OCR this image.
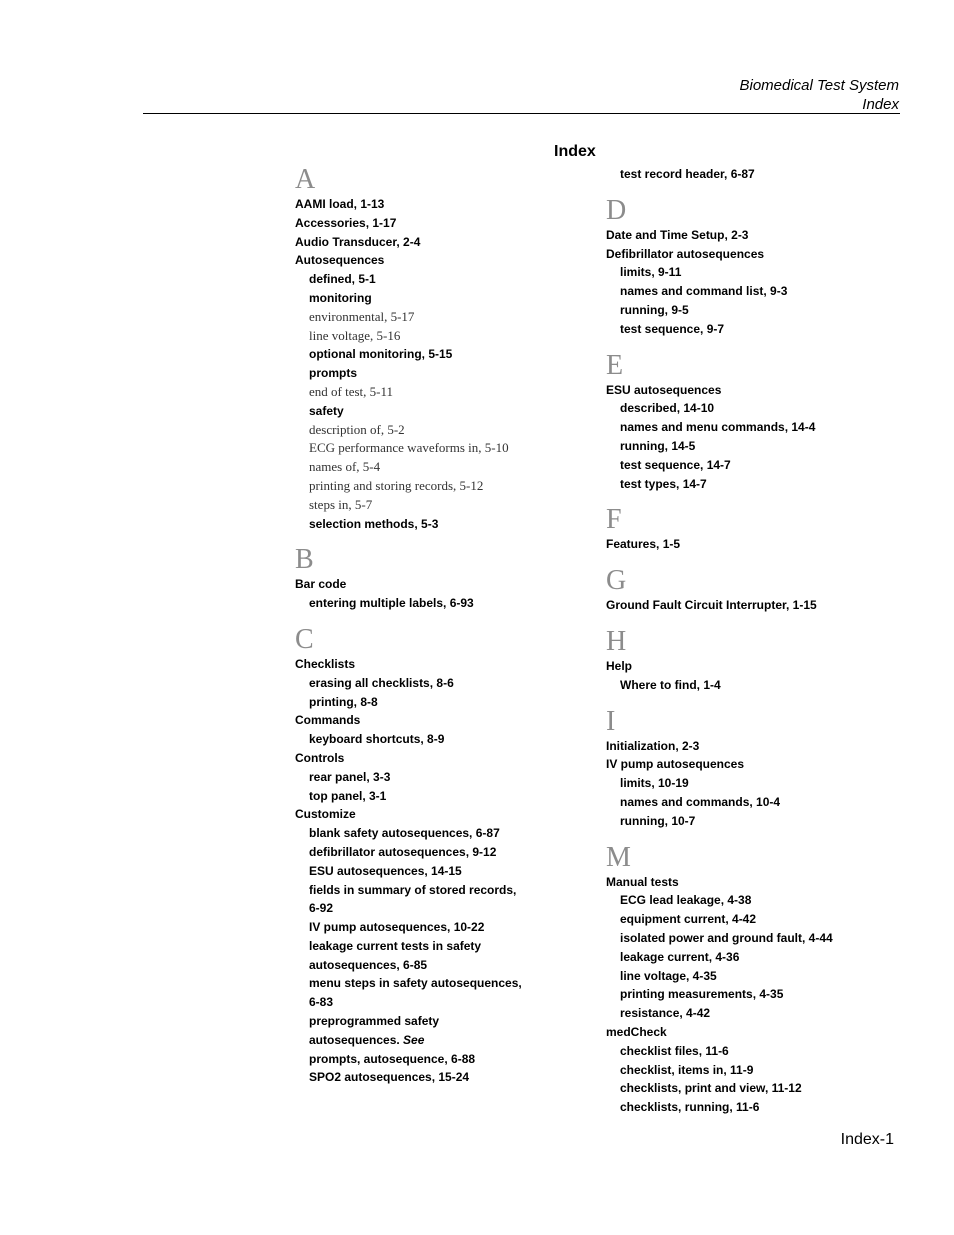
Biomedical Test System
Index
Index
A
AAMI load, 1-13
Accessories, 1-17
Audio Transducer, 2-4
Autosequences
defined, 5-1
monitoring
environmental, 5-17
line voltage, 5-16
optional monitoring, 5-15
prompts
end of test, 5-11
safety
description of, 5-2
ECG performance waveforms in, 5-10
names of, 5-4
printing and storing records, 5-12
steps in, 5-7
selection methods, 5-3
B
Bar code
entering multiple labels, 6-93
C
Checklists
erasing all checklists, 8-6
printing, 8-8
Commands
keyboard shortcuts, 8-9
Controls
rear panel, 3-3
top panel, 3-1
Customize
blank safety autosequences, 6-87
defibrillator autosequences, 9-12
ESU autosequences, 14-15
fields in summary of stored records,
6-92
IV pump autosequences, 10-22
leakage current tests in safety
autosequences, 6-85
menu steps in safety autosequences,
6-83
preprogrammed safety
autosequences. See
prompts, autosequence, 6-88
SPO2 autosequences, 15-24
test record header, 6-87
D
Date and Time Setup, 2-3
Defibrillator autosequences
limits, 9-11
names and command list, 9-3
running, 9-5
test sequence, 9-7
E
ESU autosequences
described, 14-10
names and menu commands, 14-4
running, 14-5
test sequence, 14-7
test types, 14-7
F
Features, 1-5
G
Ground Fault Circuit Interrupter, 1-15
H
Help
Where to find, 1-4
I
Initialization, 2-3
IV pump autosequences
limits, 10-19
names and commands, 10-4
running, 10-7
M
Manual tests
ECG lead leakage, 4-38
equipment current, 4-42
isolated power and ground fault, 4-44
leakage current, 4-36
line voltage, 4-35
printing measurements, 4-35
resistance, 4-42
medCheck
checklist files, 11-6
checklist, items in, 11-9
checklists, print and view, 11-12
checklists, running, 11-6
Index-1
